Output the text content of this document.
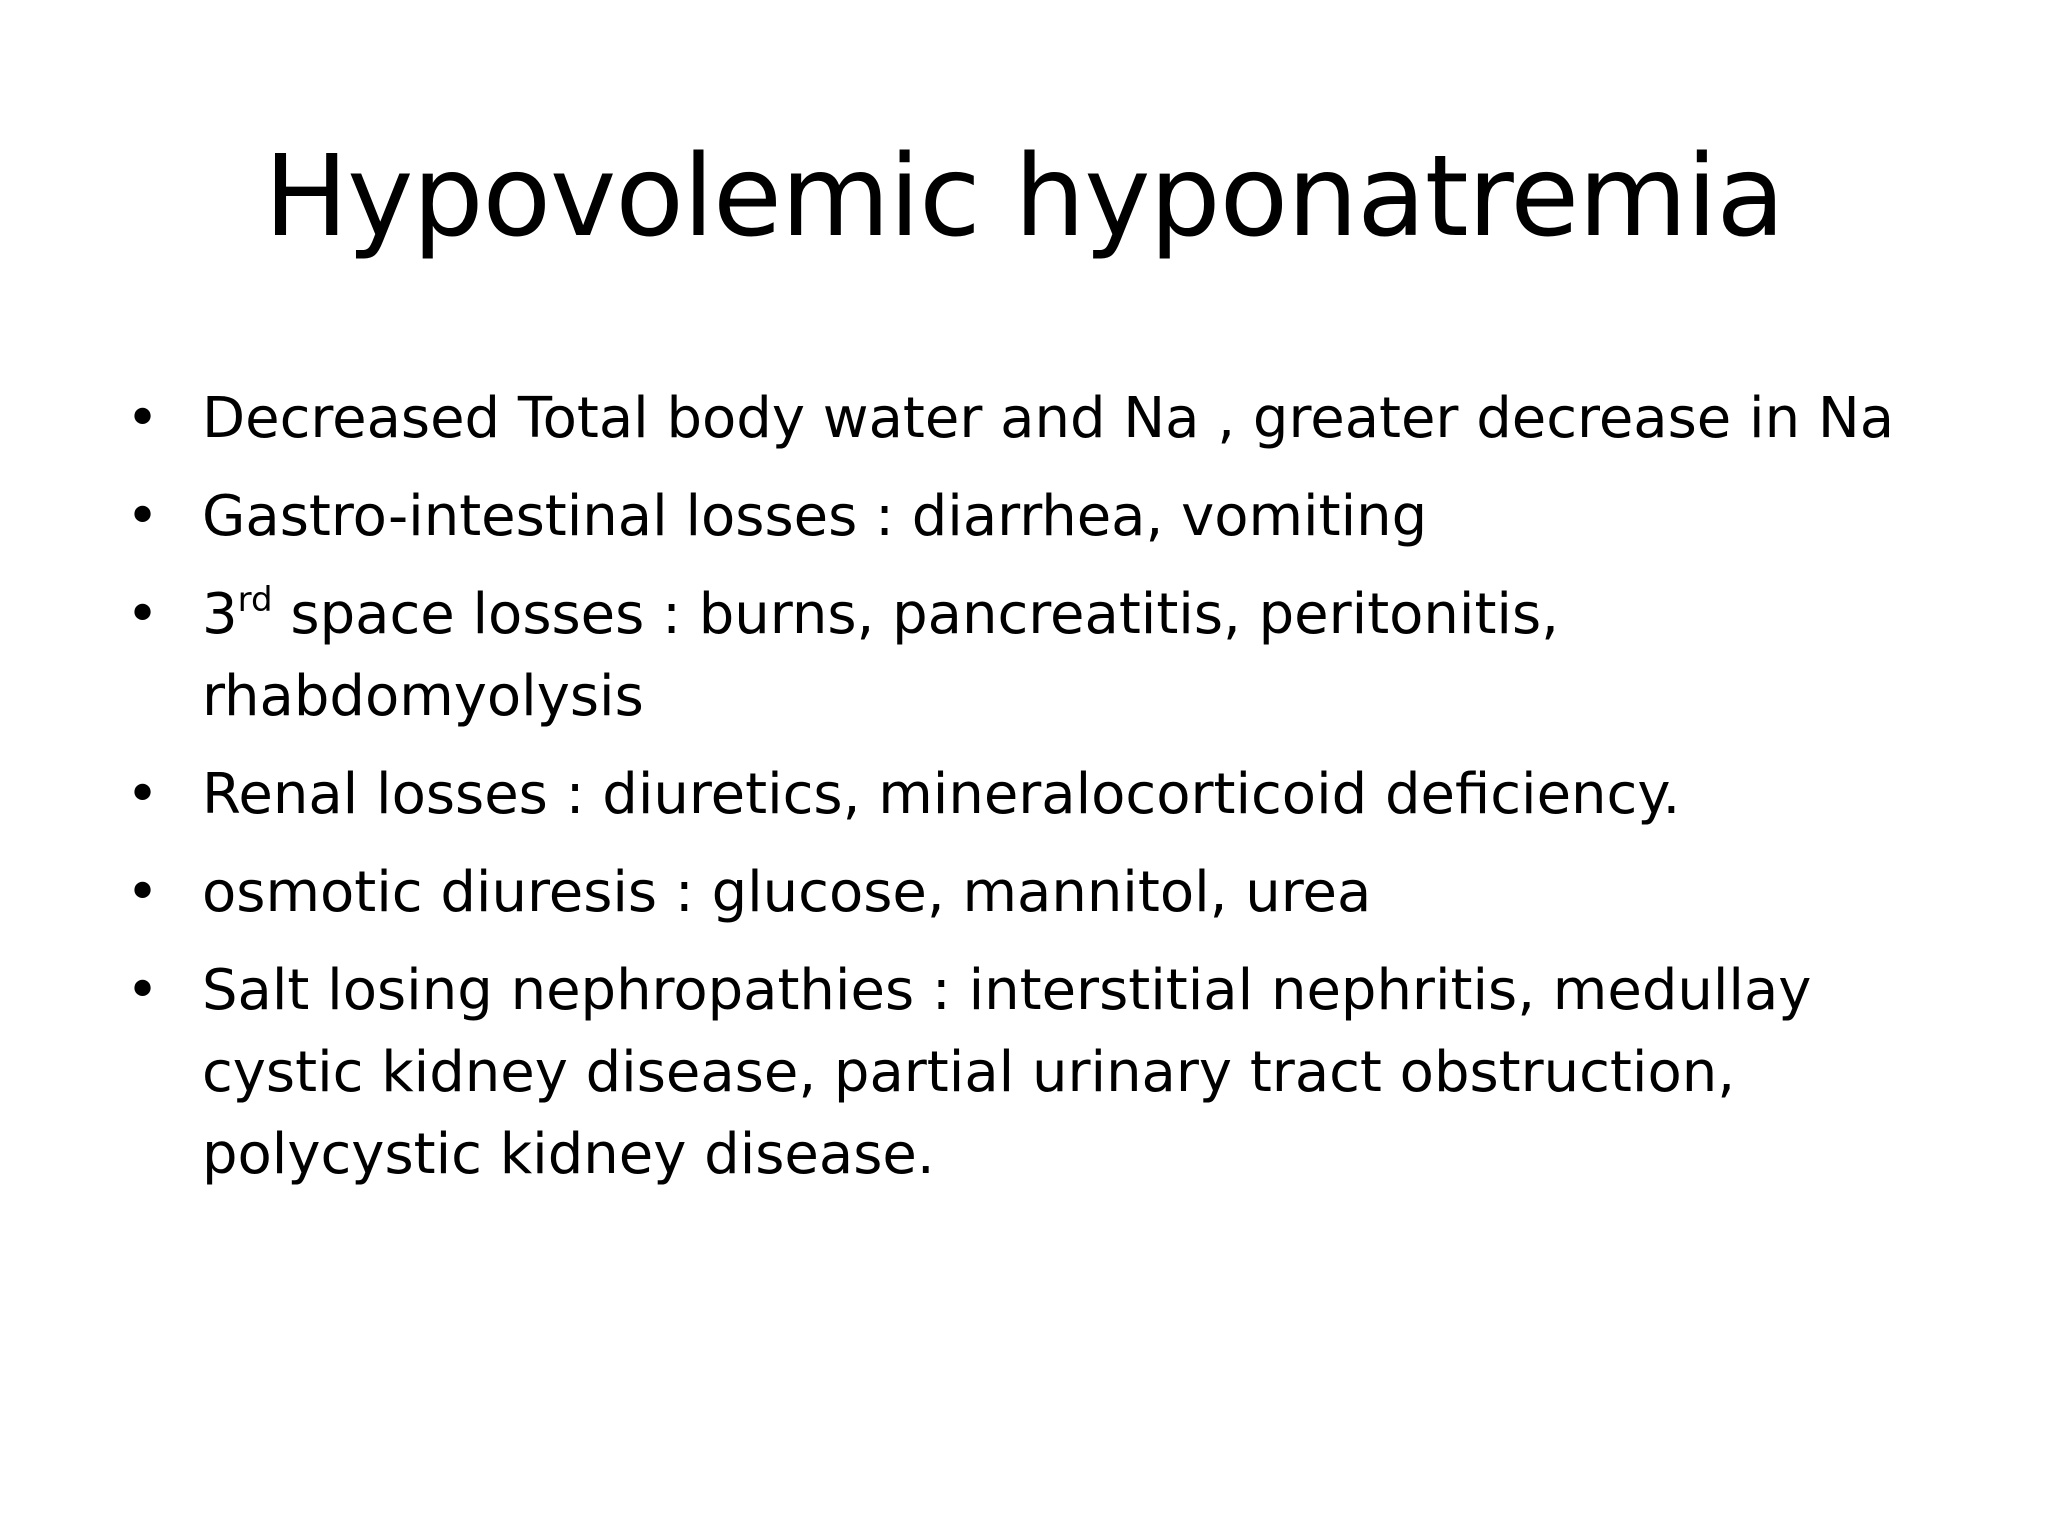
Hypovolemic hyponatremia
• Decreased Total body water and Na , greater decrease in Na
• Gastro-intestinal losses : diarrhea, vomiting
• 3rd space losses : burns, pancreatitis, peritonitis, rhabdomyolysis
• Renal losses : diuretics, mineralocorticoid deficiency.
• osmotic diuresis : glucose, mannitol, urea
• Salt losing nephropathies : interstitial nephritis, medullay cystic kidney disease, partial urinary tract obstruction, polycystic kidney disease.
